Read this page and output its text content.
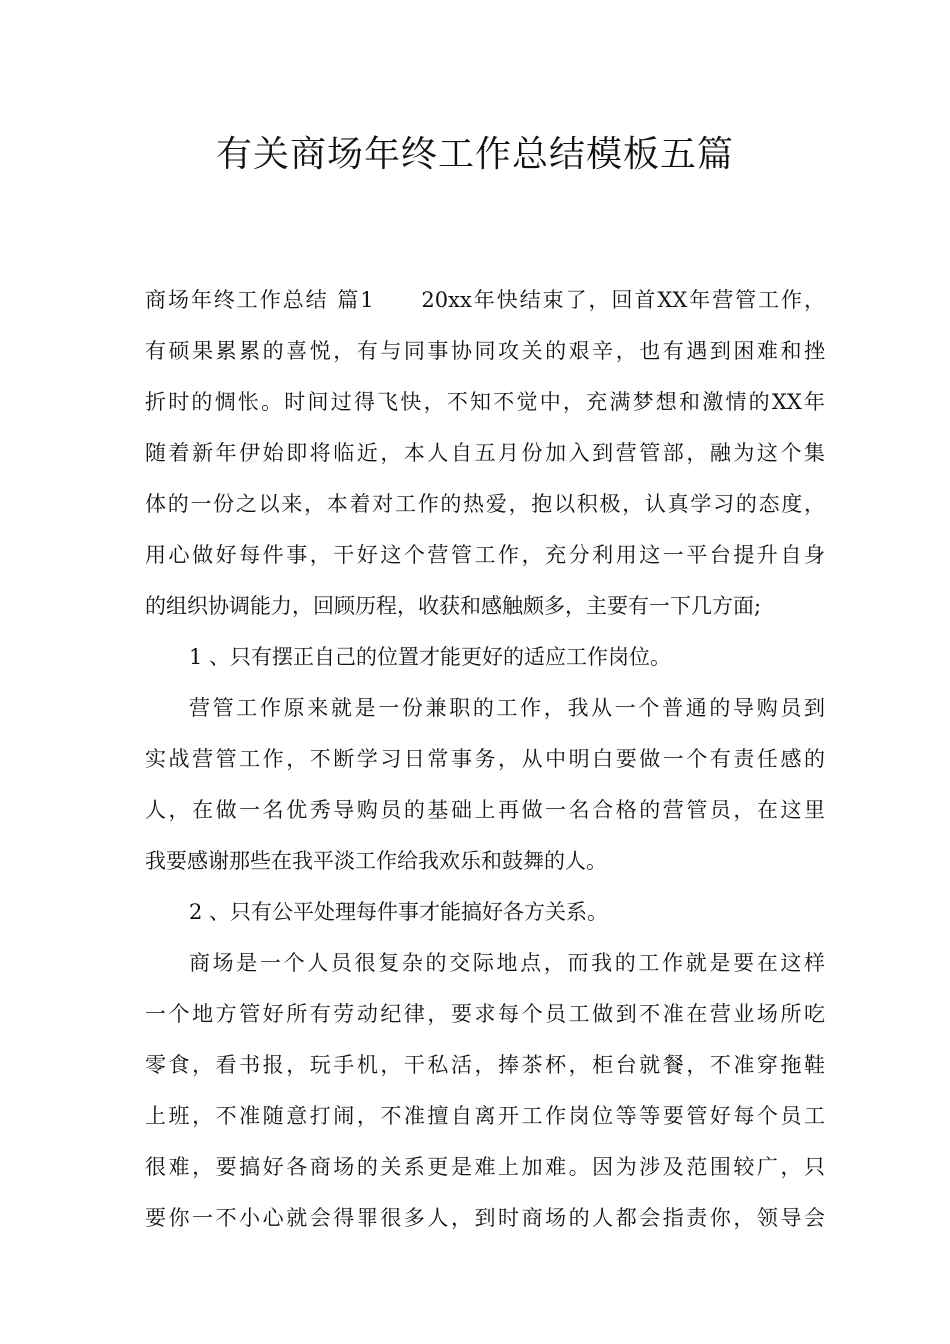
有关商场年终工作总结模板五篇
商场年终工作总结 篇1　　20xx年快结束了，回首XX年营管工作，
有硕果累累的喜悦，有与同事协同攻关的艰辛，也有遇到困难和挫
折时的惆怅。时间过得飞快，不知不觉中，充满梦想和激情的XX年
随着新年伊始即将临近，本人自五月份加入到营管部，融为这个集
体的一份之以来，本着对工作的热爱，抱以积极，认真学习的态度，
用心做好每件事，干好这个营管工作，充分利用这一平台提升自身
的组织协调能力，回顾历程，收获和感触颇多，主要有一下几方面;
1 、只有摆正自己的位置才能更好的适应工作岗位。
营管工作原来就是一份兼职的工作，我从一个普通的导购员到
实战营管工作，不断学习日常事务，从中明白要做一个有责任感的
人，在做一名优秀导购员的基础上再做一名合格的营管员，在这里
我要感谢那些在我平淡工作给我欢乐和鼓舞的人。
2 、只有公平处理每件事才能搞好各方关系。
商场是一个人员很复杂的交际地点，而我的工作就是要在这样
一个地方管好所有劳动纪律，要求每个员工做到不准在营业场所吃
零食，看书报，玩手机，干私活，捧茶杯，柜台就餐，不准穿拖鞋
上班，不准随意打闹，不准擅自离开工作岗位等等要管好每个员工
很难，要搞好各商场的关系更是难上加难。因为涉及范围较广，只
要你一不小心就会得罪很多人，到时商场的人都会指责你，领导会
